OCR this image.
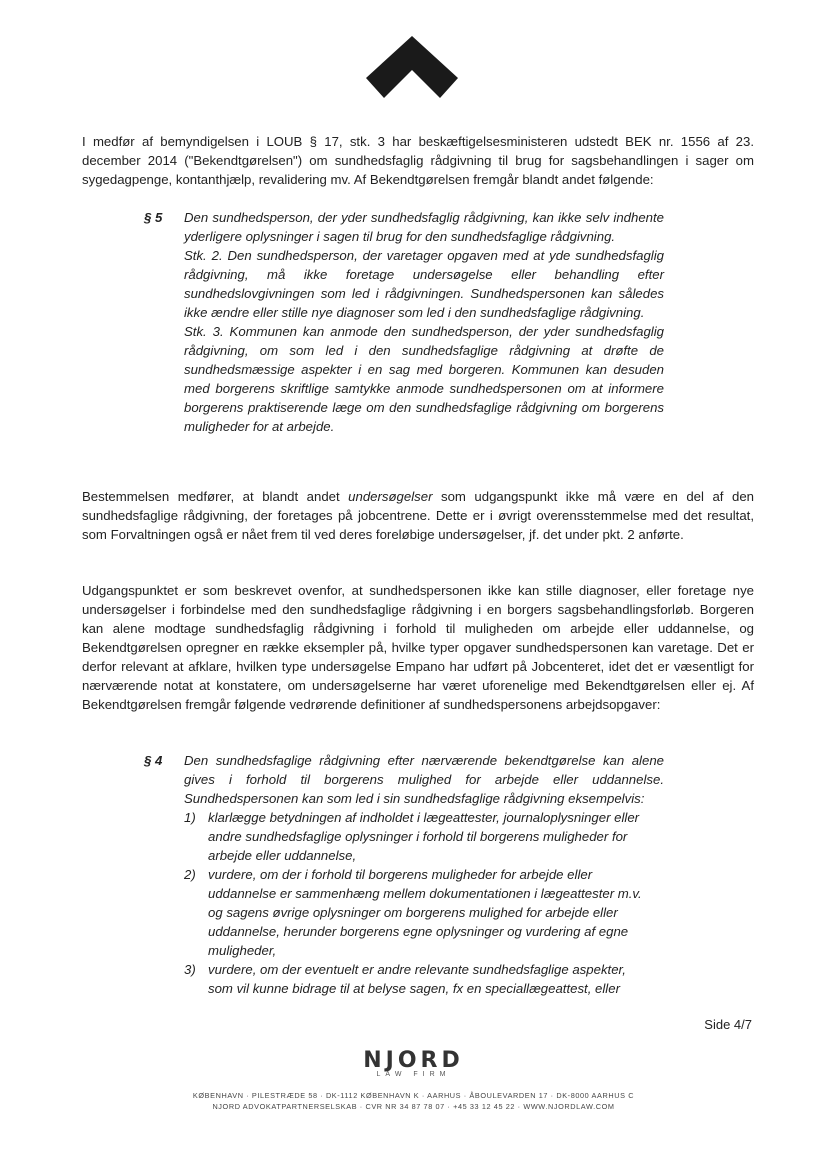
I medfør af bemyndigelsen i LOUB § 17, stk. 3 har beskæftigelsesministeren udstedt BEK nr. 1556 af 23. december 2014 ("Bekendtgørelsen") om sundhedsfaglig rådgivning til brug for sagsbehandlingen i sager om sygedagpenge, kontanthjælp, revalidering mv. Af Bekendtgørelsen fremgår blandt andet følgende:

§ 5	Den sundhedsperson, der yder sundhedsfaglig rådgivning, kan ikke selv indhente yderligere oplysninger i sagen til brug for den sundhedsfaglige rådgivning.

Stk. 2. Den sundhedsperson, der varetager opgaven med at yde sundhedsfaglig rådgivning, må ikke foretage undersøgelse eller behandling efter sundhedslovgivningen som led i rådgivningen. Sundhedspersonen kan således ikke ændre eller stille nye diagnoser som led i den sundhedsfaglige rådgivning.

Stk. 3. Kommunen kan anmode den sundhedsperson, der yder sundhedsfaglig rådgivning, om som led i den sundhedsfaglige rådgivning at drøfte de sundhedsmæssige aspekter i en sag med borgeren. Kommunen kan desuden med borgerens skriftlige samtykke anmode sundhedspersonen om at informere borgerens praktiserende læge om den sundhedsfaglige rådgivning om borgerens muligheder for at arbejde.

Bestemmelsen medfører, at blandt andet undersøgelser som udgangspunkt ikke må være en del af den sundhedsfaglige rådgivning, der foretages på jobcentrene. Dette er i øvrigt overensstemmelse med det resultat, som Forvaltningen også er nået frem til ved deres foreløbige undersøgelser, jf. det under pkt. 2 anførte.

Udgangspunktet er som beskrevet ovenfor, at sundhedspersonen ikke kan stille diagnoser, eller foretage nye undersøgelser i forbindelse med den sundhedsfaglige rådgivning i en borgers sagsbehandlingsforløb. Borgeren kan alene modtage sundhedsfaglig rådgivning i forhold til muligheden om arbejde eller uddannelse, og Bekendtgørelsen opregner en række eksempler på, hvilke typer opgaver sundhedspersonen kan varetage. Det er derfor relevant at afklare, hvilken type undersøgelse Empano har udført på Jobcenteret, idet det er væsentligt for nærværende notat at konstatere, om undersøgelserne har været uforenelige med Bekendtgørelsen eller ej. Af Bekendtgørelsen fremgår følgende vedrørende definitioner af sundhedspersonens arbejdsopgaver:

§ 4	Den sundhedsfaglige rådgivning efter nærværende bekendtgørelse kan alene gives i forhold til borgerens mulighed for arbejde eller uddannelse. Sundhedspersonen kan som led i sin sundhedsfaglige rådgivning eksempelvis:

1) klarlægge betydningen af indholdet i lægeattester, journaloplysninger eller andre sundhedsfaglige oplysninger i forhold til borgerens muligheder for arbejde eller uddannelse,

2) vurdere, om der i forhold til borgerens muligheder for arbejde eller uddannelse er sammenhæng mellem dokumentationen i lægeattester m.v. og sagens øvrige oplysninger om borgerens mulighed for arbejde eller uddannelse, herunder borgerens egne oplysninger og vurdering af egne muligheder,

3) vurdere, om der eventuelt er andre relevante sundhedsfaglige aspekter, som vil kunne bidrage til at belyse sagen, fx en speciallægeattest, eller

Side 4/7
NJORD
LAW FIRM
KØBENHAVN · PILESTRÆDE 58 · DK-1112 KØBENHAVN K · AARHUS · ÅBOULEVARDEN 17 · DK-8000 AARHUS C
NJORD ADVOKATPARTNERSELSKAB · CVR NR 34 87 78 07 · +45 33 12 45 22 · WWW.NJORDLAW.COM
